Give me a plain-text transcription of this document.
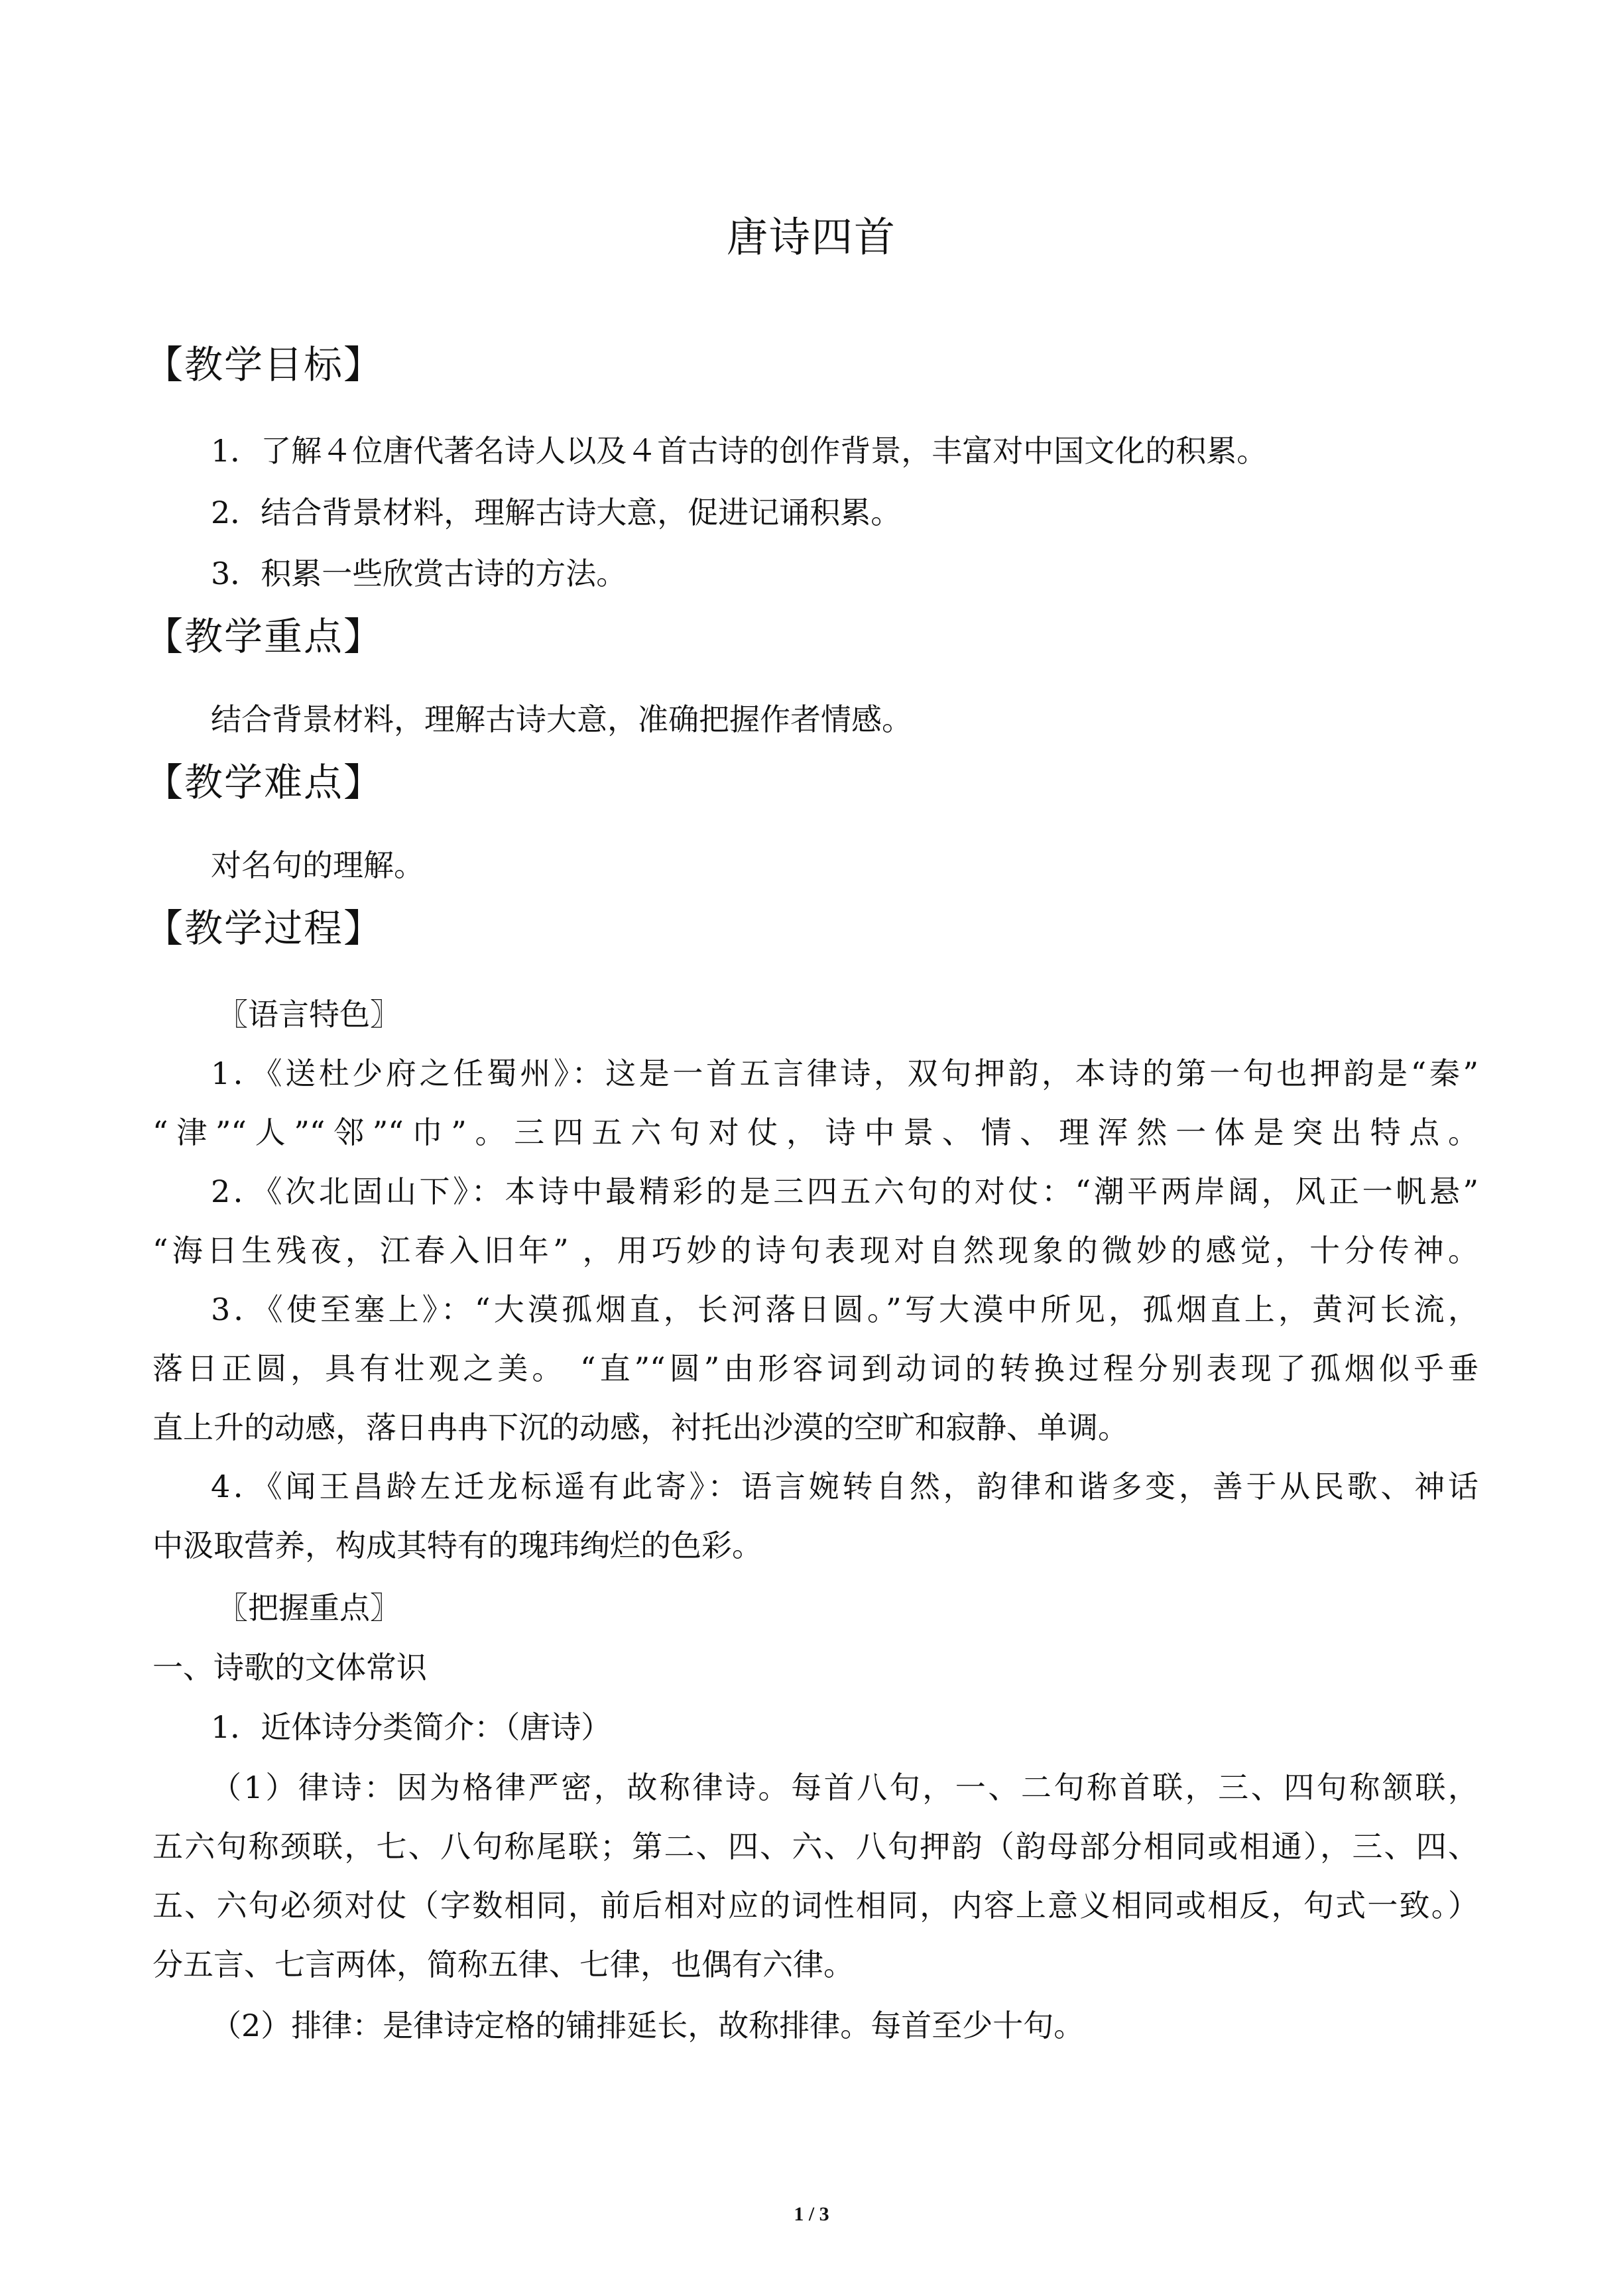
唐诗四首
【教学目标】
1．了解４位唐代著名诗人以及４首古诗的创作背景，丰富对中国文化的积累。
2．结合背景材料，理解古诗大意，促进记诵积累。
3．积累一些欣赏古诗的方法。
【教学重点】
结合背景材料，理解古诗大意，准确把握作者情感。
【教学难点】
对名句的理解。
【教学过程】
〖语言特色〗
1．《送杜少府之任蜀州》：这是一首五言律诗，双句押韵，本诗的第一句也押韵是“秦”
“津”“人”“邻”“巾”。三四五六句对仗，诗中景、情、理浑然一体是突出特点。
2．《次北固山下》：本诗中最精彩的是三四五六句的对仗：“潮平两岸阔，风正一帆悬”
“海日生残夜，江春入旧年” ，用巧妙的诗句表现对自然现象的微妙的感觉，十分传神。
3．《使至塞上》：“大漠孤烟直，长河落日圆。”写大漠中所见，孤烟直上，黄河长流，
落日正圆，具有壮观之美。 “直”“圆”由形容词到动词的转换过程分别表现了孤烟似乎垂
直上升的动感，落日冉冉下沉的动感，衬托出沙漠的空旷和寂静、单调。
4．《闻王昌龄左迁龙标遥有此寄》：语言婉转自然，韵律和谐多变，善于从民歌、神话
中汲取营养，构成其特有的瑰玮绚烂的色彩。
〖把握重点〗
一、诗歌的文体常识
1．近体诗分类简介：（唐诗）
（1）律诗：因为格律严密，故称律诗。每首八句，一、二句称首联，三、四句称颔联，
五六句称颈联，七、八句称尾联；第二、四、六、八句押韵（韵母部分相同或相通），三、四、
五、六句必须对仗（字数相同，前后相对应的词性相同，内容上意义相同或相反，句式一致。）
分五言、七言两体，简称五律、七律，也偶有六律。
（2）排律：是律诗定格的铺排延长，故称排律。每首至少十句。
1 / 3
